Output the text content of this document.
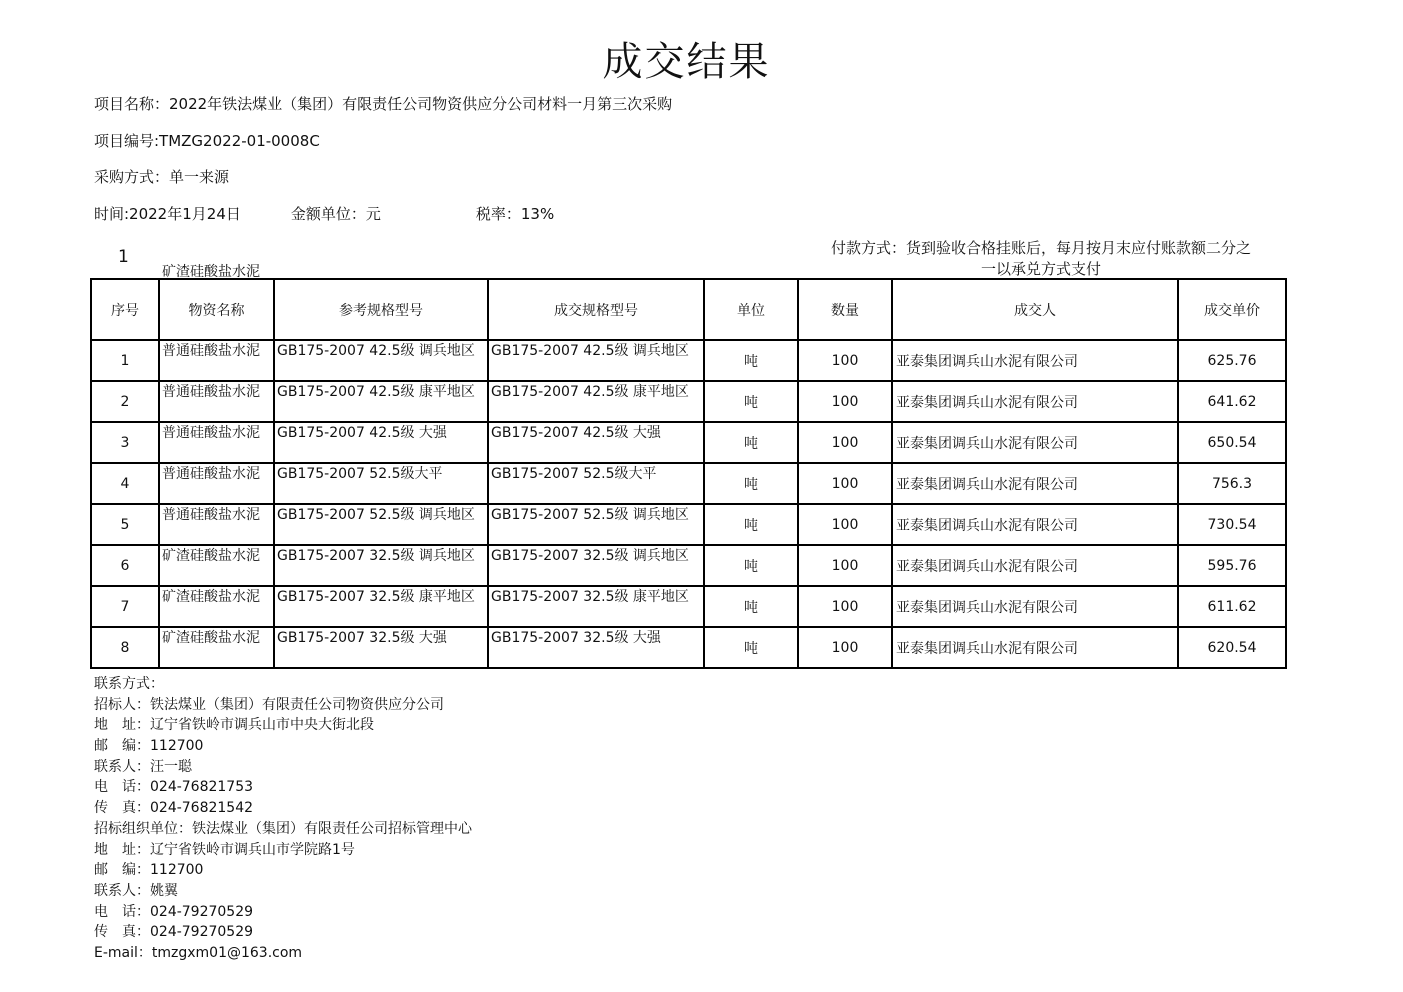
成交结果
项目名称：2022年铁法煤业（集团）有限责任公司物资供应分公司材料一月第三次采购
项目编号:TMZG2022-01-0008C
采购方式：单一来源
时间:2022年1月24日	金额单位：元	税率：13%
1
矿渣硅酸盐水泥
付款方式：货到验收合格挂账后，每月按月末应付账款额二分之
一以承兑方式支付
序号	物资名称	参考规格型号	成交规格型号	单位	数量	成交人	成交单价
1	普通硅酸盐水泥	GB175-2007 42.5级 调兵地区	GB175-2007 42.5级 调兵地区	吨	100	亚泰集团调兵山水泥有限公司	625.76
2	普通硅酸盐水泥	GB175-2007 42.5级 康平地区	GB175-2007 42.5级 康平地区	吨	100	亚泰集团调兵山水泥有限公司	641.62
3	普通硅酸盐水泥	GB175-2007 42.5级 大强	GB175-2007 42.5级 大强	吨	100	亚泰集团调兵山水泥有限公司	650.54
4	普通硅酸盐水泥	GB175-2007 52.5级大平	GB175-2007 52.5级大平	吨	100	亚泰集团调兵山水泥有限公司	756.3
5	普通硅酸盐水泥	GB175-2007 52.5级 调兵地区	GB175-2007 52.5级 调兵地区	吨	100	亚泰集团调兵山水泥有限公司	730.54
6	矿渣硅酸盐水泥	GB175-2007 32.5级 调兵地区	GB175-2007 32.5级 调兵地区	吨	100	亚泰集团调兵山水泥有限公司	595.76
7	矿渣硅酸盐水泥	GB175-2007 32.5级 康平地区	GB175-2007 32.5级 康平地区	吨	100	亚泰集团调兵山水泥有限公司	611.62
8	矿渣硅酸盐水泥	GB175-2007 32.5级 大强	GB175-2007 32.5级 大强	吨	100	亚泰集团调兵山水泥有限公司	620.54
联系方式：
招标人：铁法煤业（集团）有限责任公司物资供应分公司
地　址：辽宁省铁岭市调兵山市中央大街北段
邮　编：112700
联系人：汪一聪
电　话：024-76821753
传　真：024-76821542
招标组织单位：铁法煤业（集团）有限责任公司招标管理中心
地　址：辽宁省铁岭市调兵山市学院路1号
邮　编：112700
联系人：姚翼
电　话：024-79270529
传　真：024-79270529
E-mail：tmzgxm01@163.com
